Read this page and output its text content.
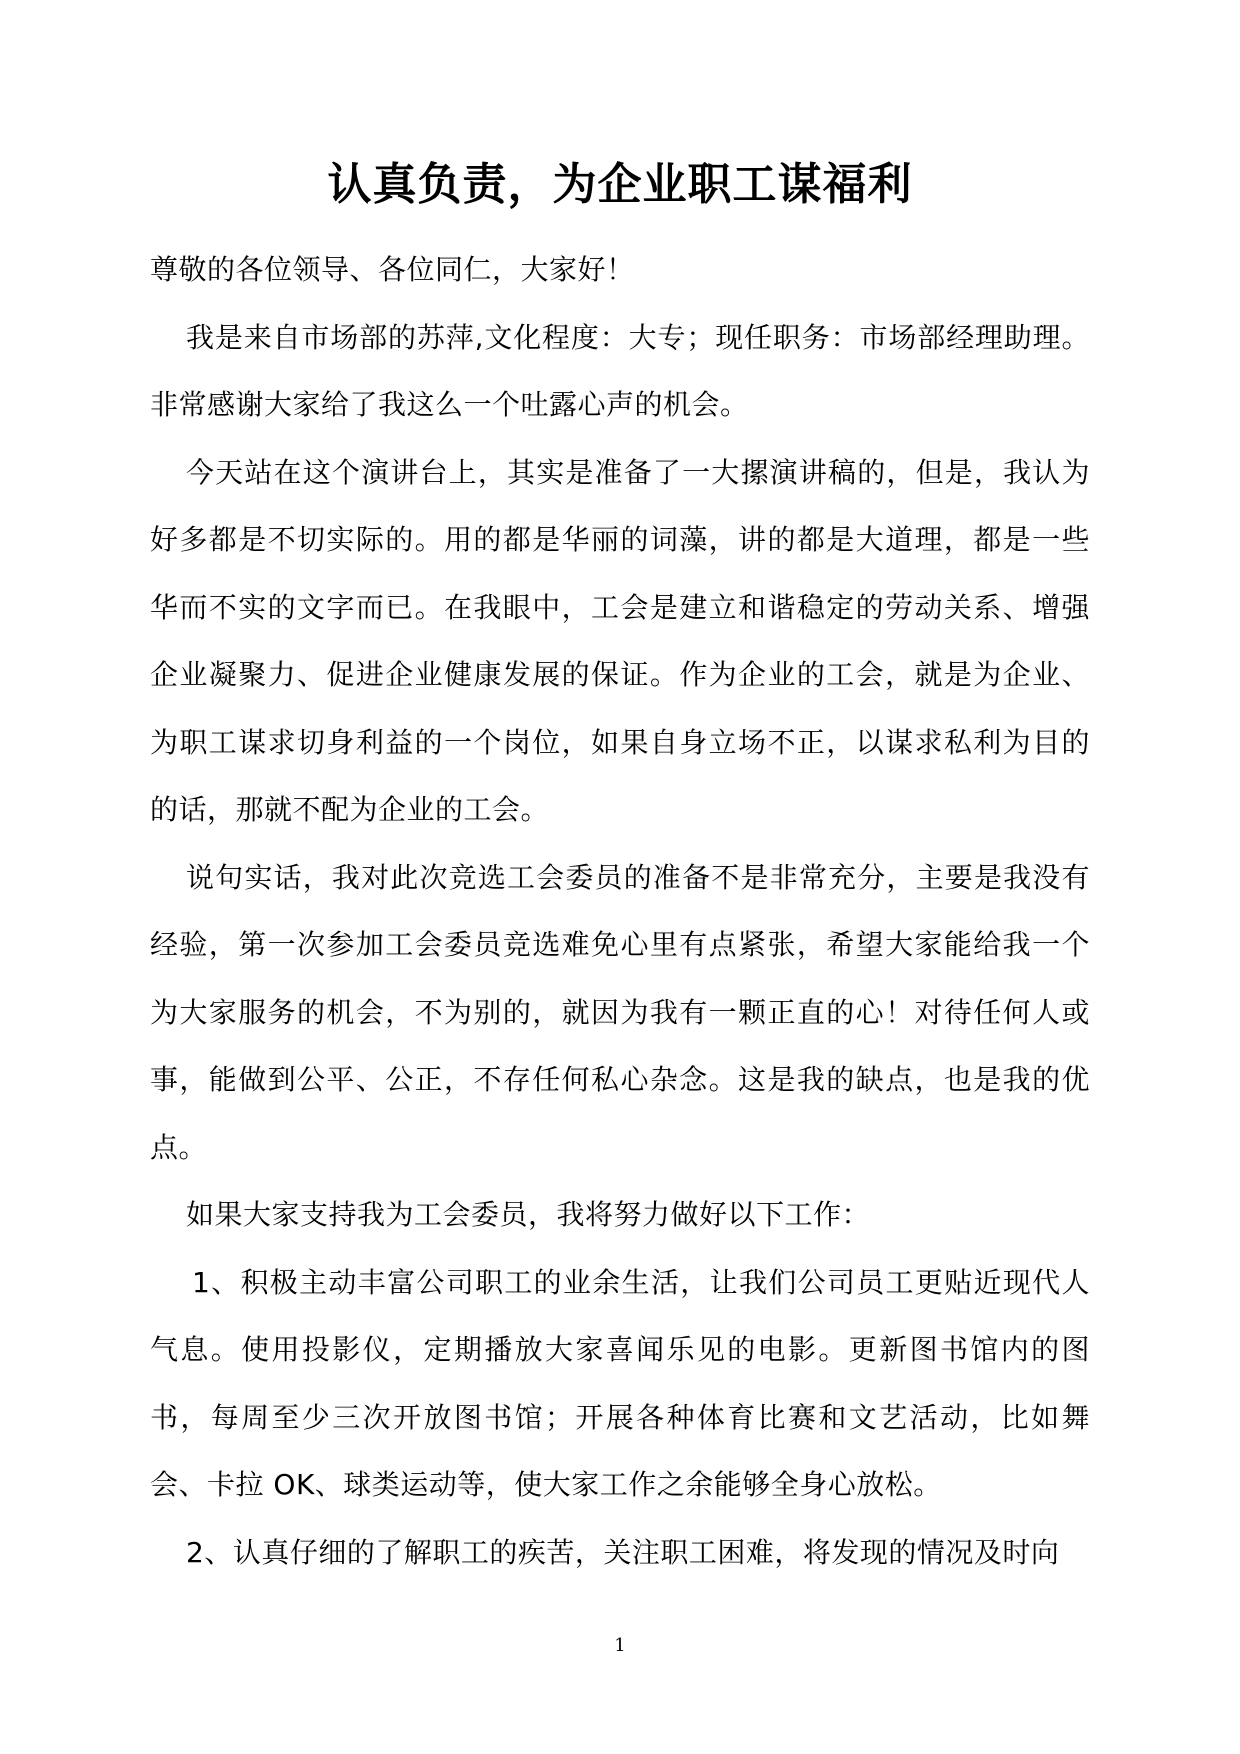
认真负责，为企业职工谋福利

尊敬的各位领导、各位同仁，大家好！

我是来自市场部的苏萍,文化程度：大专；现任职务：市场部经理助理。非常感谢大家给了我这么一个吐露心声的机会。

今天站在这个演讲台上，其实是准备了一大摞演讲稿的，但是，我认为好多都是不切实际的。用的都是华丽的词藻，讲的都是大道理，都是一些华而不实的文字而已。在我眼中，工会是建立和谐稳定的劳动关系、增强企业凝聚力、促进企业健康发展的保证。作为企业的工会，就是为企业、为职工谋求切身利益的一个岗位，如果自身立场不正，以谋求私利为目的的话，那就不配为企业的工会。

说句实话，我对此次竞选工会委员的准备不是非常充分，主要是我没有经验，第一次参加工会委员竞选难免心里有点紧张，希望大家能给我一个为大家服务的机会，不为别的，就因为我有一颗正直的心！对待任何人或事，能做到公平、公正，不存任何私心杂念。这是我的缺点，也是我的优点。

如果大家支持我为工会委员，我将努力做好以下工作：

1、积极主动丰富公司职工的业余生活，让我们公司员工更贴近现代人气息。使用投影仪，定期播放大家喜闻乐见的电影。更新图书馆内的图书，每周至少三次开放图书馆；开展各种体育比赛和文艺活动，比如舞会、卡拉 OK、球类运动等，使大家工作之余能够全身心放松。

2、认真仔细的了解职工的疾苦，关注职工困难，将发现的情况及时向

1
